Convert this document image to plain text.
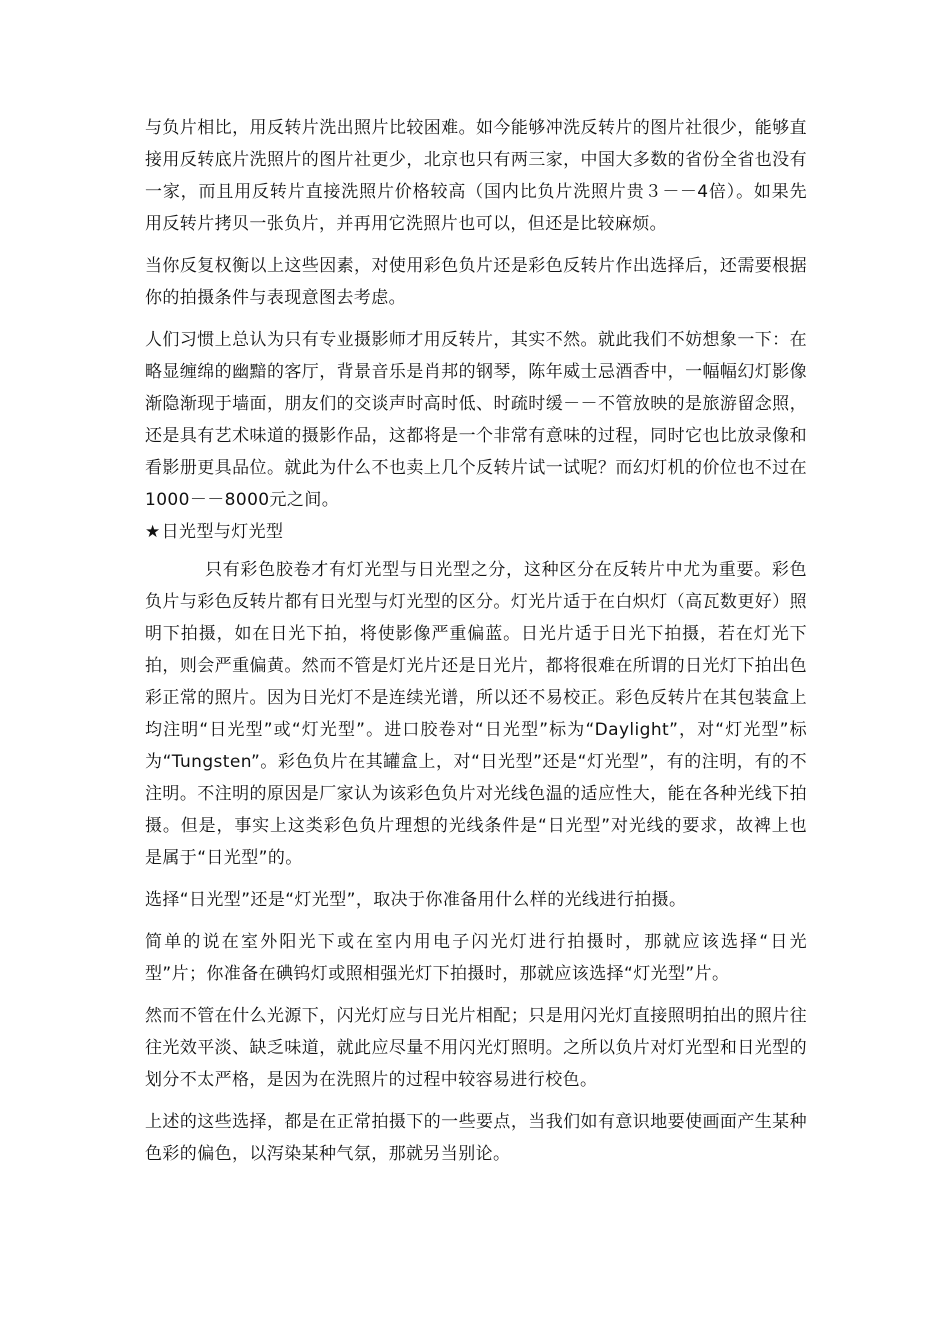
与负片相比，用反转片洗出照片比较困难。如今能够冲洗反转片的图片社很少，能够直接用反转底片洗照片的图片社更少，北京也只有两三家，中国大多数的省份全省也没有一家，而且用反转片直接洗照片价格较高（国内比负片洗照片贵３－－4倍）。如果先用反转片拷贝一张负片，并再用它洗照片也可以，但还是比较麻烦。

当你反复权衡以上这些因素，对使用彩色负片还是彩色反转片作出选择后，还需要根据你的拍摄条件与表现意图去考虑。

人们习惯上总认为只有专业摄影师才用反转片，其实不然。就此我们不妨想象一下：在略显缠绵的幽黯的客厅，背景音乐是肖邦的钢琴，陈年威士忌酒香中，一幅幅幻灯影像渐隐渐现于墙面，朋友们的交谈声时高时低、时疏时缓－－不管放映的是旅游留念照，还是具有艺术味道的摄影作品，这都将是一个非常有意味的过程，同时它也比放录像和看影册更具品位。就此为什么不也卖上几个反转片试一试呢？而幻灯机的价位也不过在1000－－8000元之间。

★日光型与灯光型

只有彩色胶卷才有灯光型与日光型之分，这种区分在反转片中尤为重要。彩色负片与彩色反转片都有日光型与灯光型的区分。灯光片适于在白炽灯（高瓦数更好）照明下拍摄，如在日光下拍，将使影像严重偏蓝。日光片适于日光下拍摄，若在灯光下拍，则会严重偏黄。然而不管是灯光片还是日光片，都将很难在所谓的日光灯下拍出色彩正常的照片。因为日光灯不是连续光谱，所以还不易校正。彩色反转片在其包装盒上均注明“日光型”或“灯光型”。进口胶卷对“日光型”标为“Daylight”，对“灯光型”标为“Tungsten”。彩色负片在其罐盒上，对“日光型”还是“灯光型”，有的注明，有的不注明。不注明的原因是厂家认为该彩色负片对光线色温的适应性大，能在各种光线下拍摄。但是，事实上这类彩色负片理想的光线条件是“日光型”对光线的要求，故裨上也是属于“日光型”的。

选择“日光型”还是“灯光型”，取决于你准备用什么样的光线进行拍摄。

简单的说在室外阳光下或在室内用电子闪光灯进行拍摄时，那就应该选择“日光型”片；你准备在碘钨灯或照相强光灯下拍摄时，那就应该选择“灯光型”片。

然而不管在什么光源下，闪光灯应与日光片相配；只是用闪光灯直接照明拍出的照片往往光效平淡、缺乏味道，就此应尽量不用闪光灯照明。之所以负片对灯光型和日光型的划分不太严格，是因为在洗照片的过程中较容易进行校色。

上述的这些选择，都是在正常拍摄下的一些要点，当我们如有意识地要使画面产生某种色彩的偏色，以泻染某种气氛，那就另当别论。
